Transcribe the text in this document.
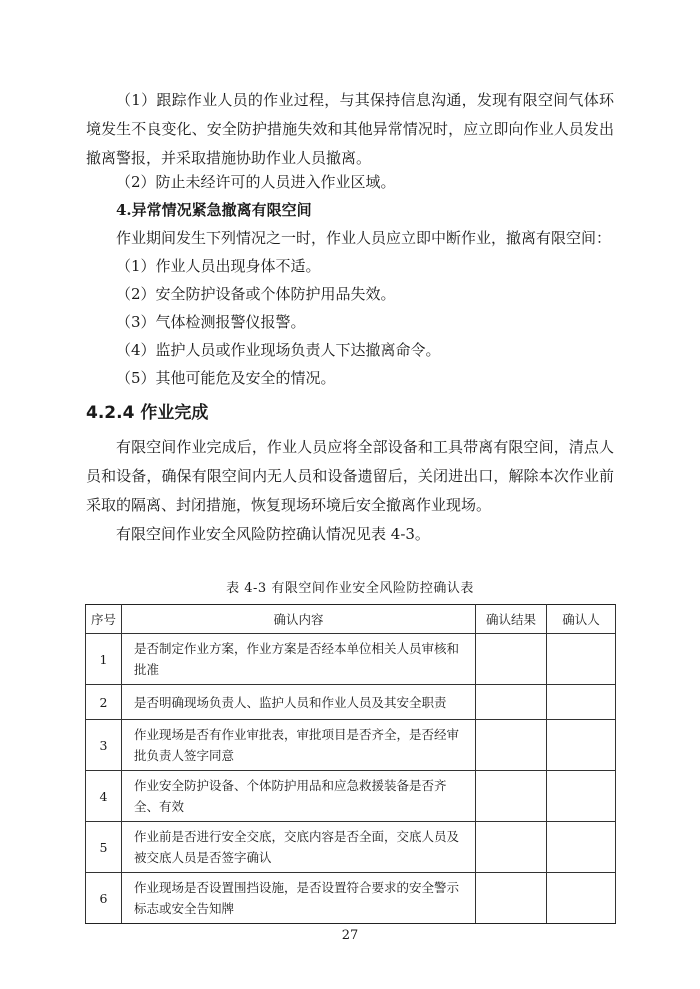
（1）跟踪作业人员的作业过程，与其保持信息沟通，发现有限空间气体环境发生不良变化、安全防护措施失效和其他异常情况时，应立即向作业人员发出撤离警报，并采取措施协助作业人员撤离。

（2）防止未经许可的人员进入作业区域。

4.异常情况紧急撤离有限空间

作业期间发生下列情况之一时，作业人员应立即中断作业，撤离有限空间：

（1）作业人员出现身体不适。

（2）安全防护设备或个体防护用品失效。

（3）气体检测报警仪报警。

（4）监护人员或作业现场负责人下达撤离命令。

（5）其他可能危及安全的情况。

4.2.4 作业完成

有限空间作业完成后，作业人员应将全部设备和工具带离有限空间，清点人员和设备，确保有限空间内无人员和设备遗留后，关闭进出口，解除本次作业前采取的隔离、封闭措施，恢复现场环境后安全撤离作业现场。

有限空间作业安全风险防控确认情况见表 4-3。

表 4-3 有限空间作业安全风险防控确认表

序号	确认内容	确认结果	确认人
1	是否制定作业方案，作业方案是否经本单位相关人员审核和批准		
2	是否明确现场负责人、监护人员和作业人员及其安全职责		
3	作业现场是否有作业审批表，审批项目是否齐全，是否经审批负责人签字同意		
4	作业安全防护设备、个体防护用品和应急救援装备是否齐全、有效		
5	作业前是否进行安全交底，交底内容是否全面，交底人员及被交底人员是否签字确认		
6	作业现场是否设置围挡设施，是否设置符合要求的安全警示标志或安全告知牌		

27
